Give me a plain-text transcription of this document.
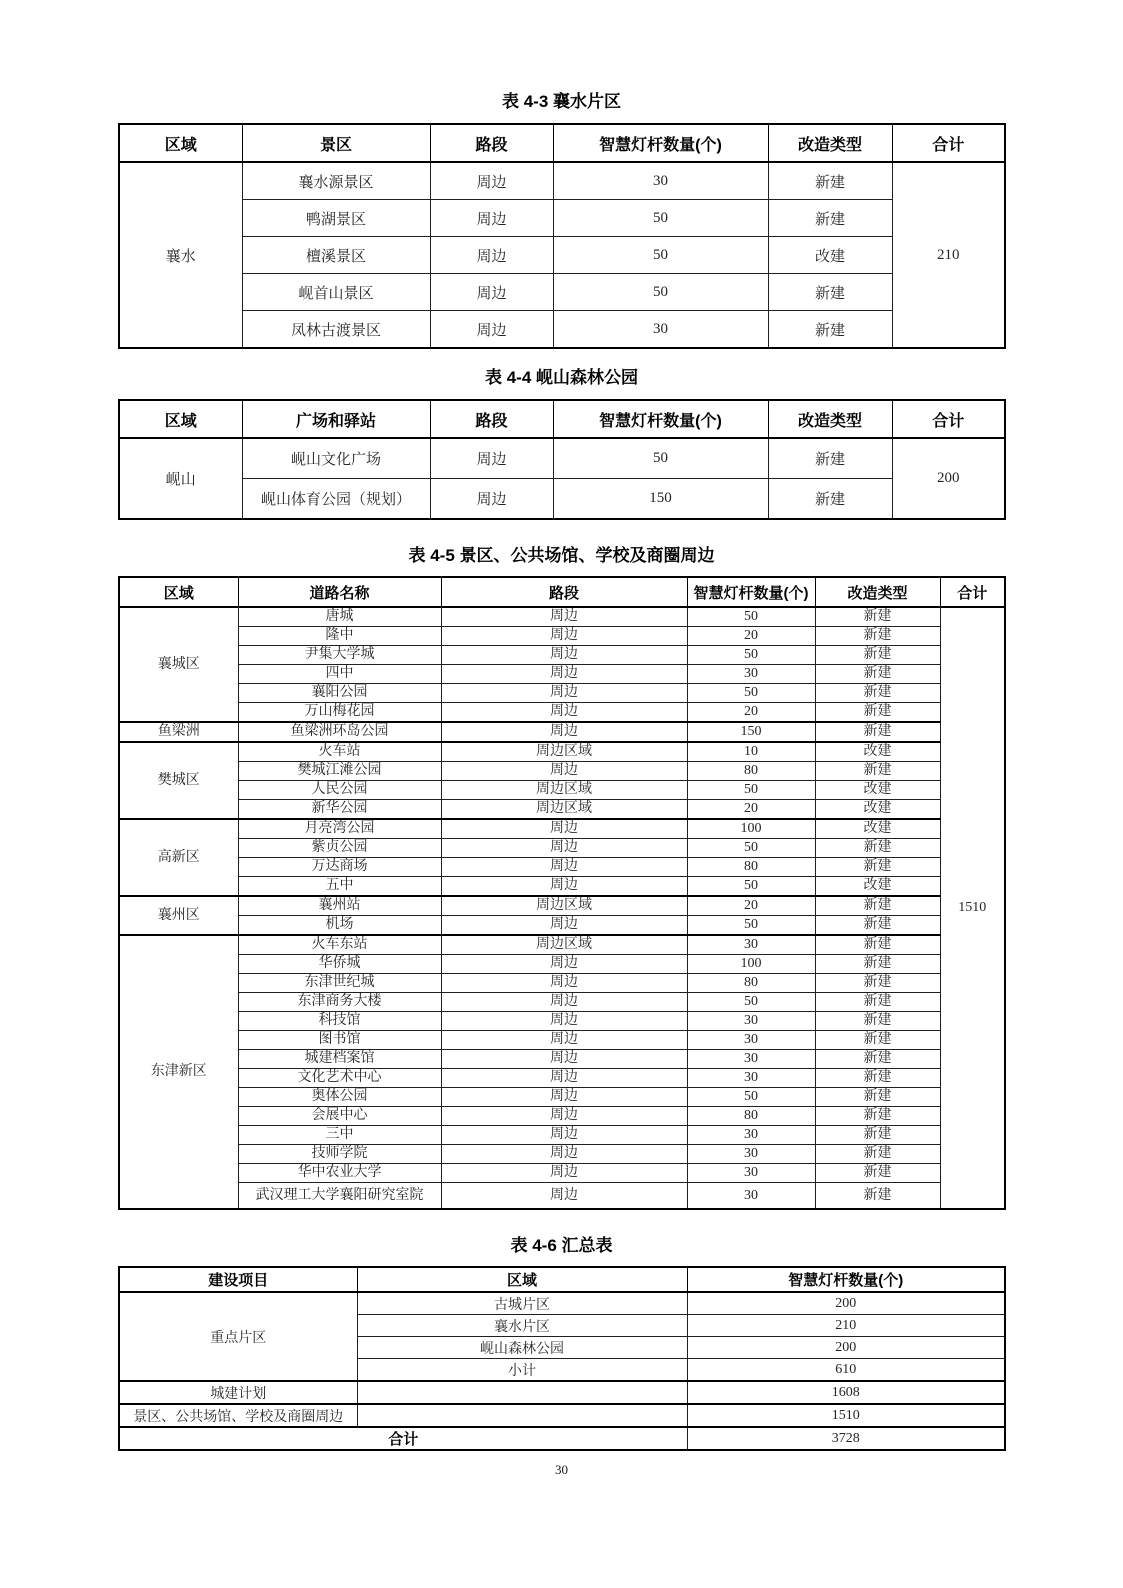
表 4-3 襄水片区
区域	景区	路段	智慧灯杆数量(个)	改造类型	合计
襄水	襄水源景区	周边	30	新建	210
	鸭湖景区	周边	50	新建	
	檀溪景区	周边	50	改建	
	岘首山景区	周边	50	新建	
	凤林古渡景区	周边	30	新建	
表 4-4 岘山森林公园
区域	广场和驿站	路段	智慧灯杆数量(个)	改造类型	合计
岘山	岘山文化广场	周边	50	新建	200
	岘山体育公园（规划）	周边	150	新建	
表 4-5 景区、公共场馆、学校及商圈周边
区域	道路名称	路段	智慧灯杆数量(个)	改造类型	合计
襄城区	唐城	周边	50	新建	1510
	隆中	周边	20	新建	
	尹集大学城	周边	50	新建	
	四中	周边	30	新建	
	襄阳公园	周边	50	新建	
	万山梅花园	周边	20	新建	
鱼梁洲	鱼梁洲环岛公园	周边	150	新建	
樊城区	火车站	周边区域	10	改建	
	樊城江滩公园	周边	80	新建	
	人民公园	周边区域	50	改建	
	新华公园	周边区域	20	改建	
高新区	月亮湾公园	周边	100	改建	
	紫贞公园	周边	50	新建	
	万达商场	周边	80	新建	
	五中	周边	50	改建	
襄州区	襄州站	周边区域	20	新建	
	机场	周边	50	新建	
东津新区	火车东站	周边区域	30	新建	
	华侨城	周边	100	新建	
	东津世纪城	周边	80	新建	
	东津商务大楼	周边	50	新建	
	科技馆	周边	30	新建	
	图书馆	周边	30	新建	
	城建档案馆	周边	30	新建	
	文化艺术中心	周边	30	新建	
	奥体公园	周边	50	新建	
	会展中心	周边	80	新建	
	三中	周边	30	新建	
	技师学院	周边	30	新建	
	华中农业大学	周边	30	新建	
	武汉理工大学襄阳研究室院	周边	30	新建	
表 4-6 汇总表
建设项目	区域	智慧灯杆数量(个)
重点片区	古城片区	200
	襄水片区	210
	岘山森林公园	200
	小计	610
城建计划		1608
景区、公共场馆、学校及商圈周边		1510
合计		3728
30
